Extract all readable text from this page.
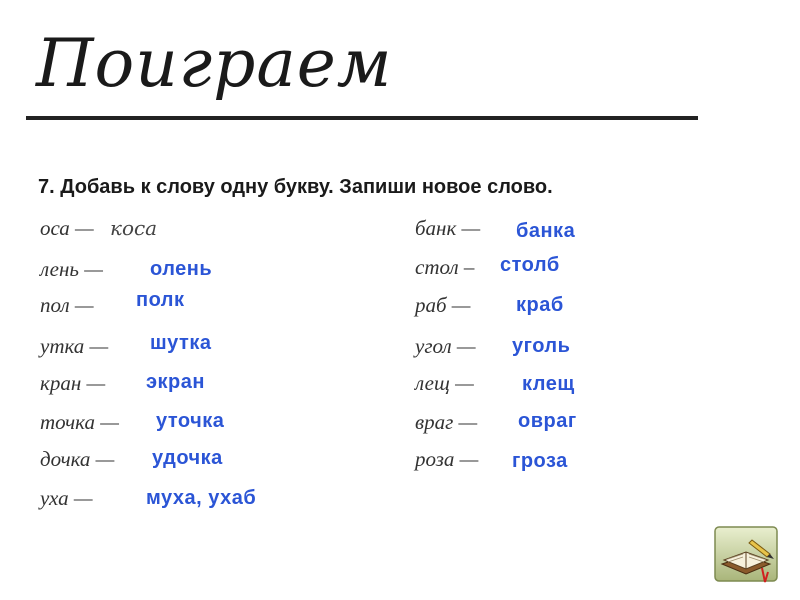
Поиграем
7. Добавь к слову одну букву. Запиши новое слово.
оса — коса
лень — олень
пол — полк
утка — шутка
кран — экран
точка — уточка
дочка — удочка
уха —	муха, ухаб
банк — банка
стол – столб
раб — краб
угол — уголь
лещ — клещ
враг — овраг
роза — гроза
